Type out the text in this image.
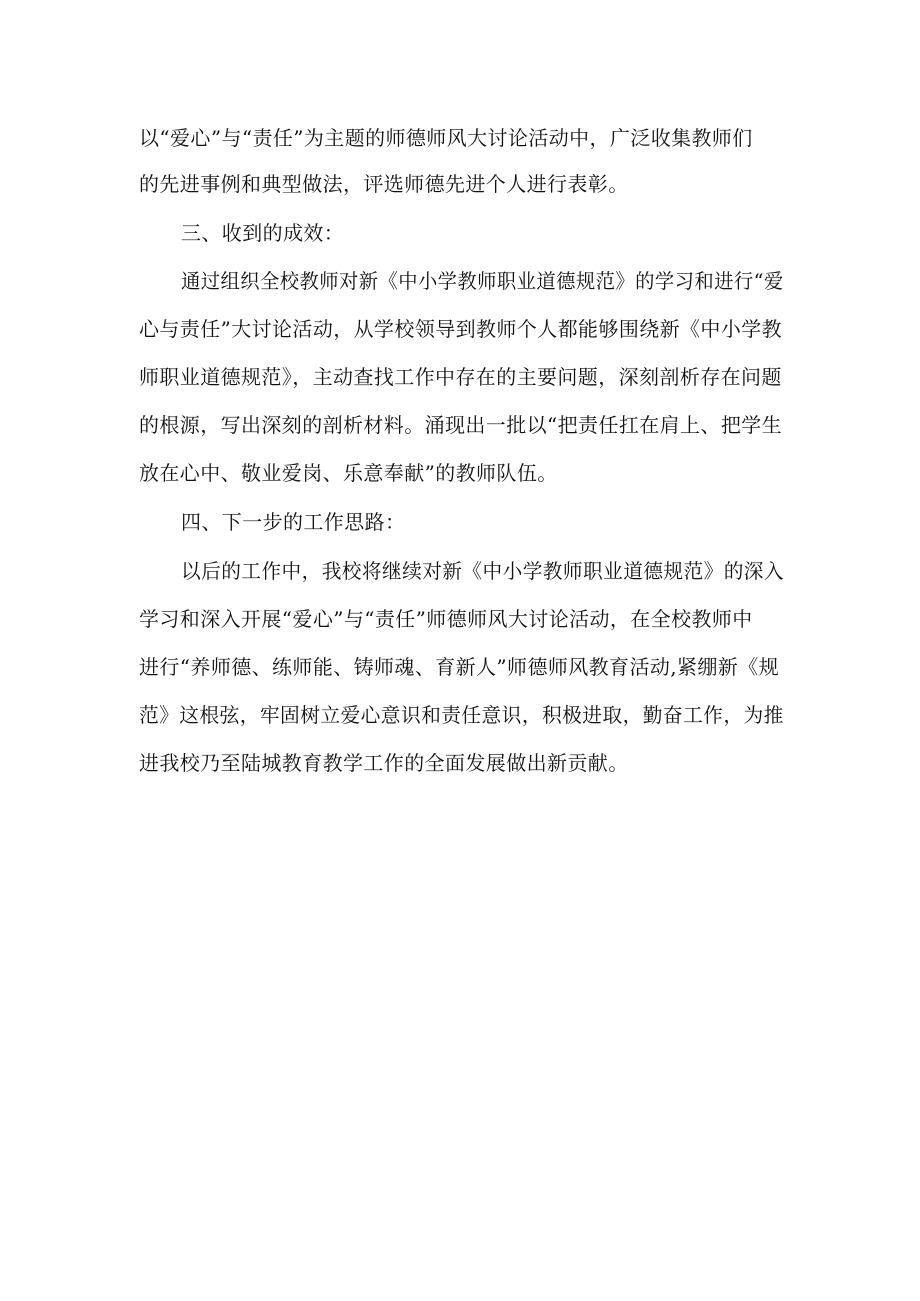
以“爱心”与“责任”为主题的师德师风大讨论活动中，广泛收集教师们
的先进事例和典型做法，评选师德先进个人进行表彰。
三、收到的成效：
通过组织全校教师对新《中小学教师职业道德规范》的学习和进行“爱
心与责任”大讨论活动，从学校领导到教师个人都能够围绕新《中小学教
师职业道德规范》，主动查找工作中存在的主要问题，深刻剖析存在问题
的根源，写出深刻的剖析材料。涌现出一批以“把责任扛在肩上、把学生
放在心中、敬业爱岗、乐意奉献”的教师队伍。
四、下一步的工作思路：
以后的工作中，我校将继续对新《中小学教师职业道德规范》的深入
学习和深入开展“爱心”与“责任”师德师风大讨论活动，在全校教师中
进行“养师德、练师能、铸师魂、育新人”师德师风教育活动,紧绷新《规
范》这根弦，牢固树立爱心意识和责任意识，积极进取，勤奋工作，为推
进我校乃至陆城教育教学工作的全面发展做出新贡献。
